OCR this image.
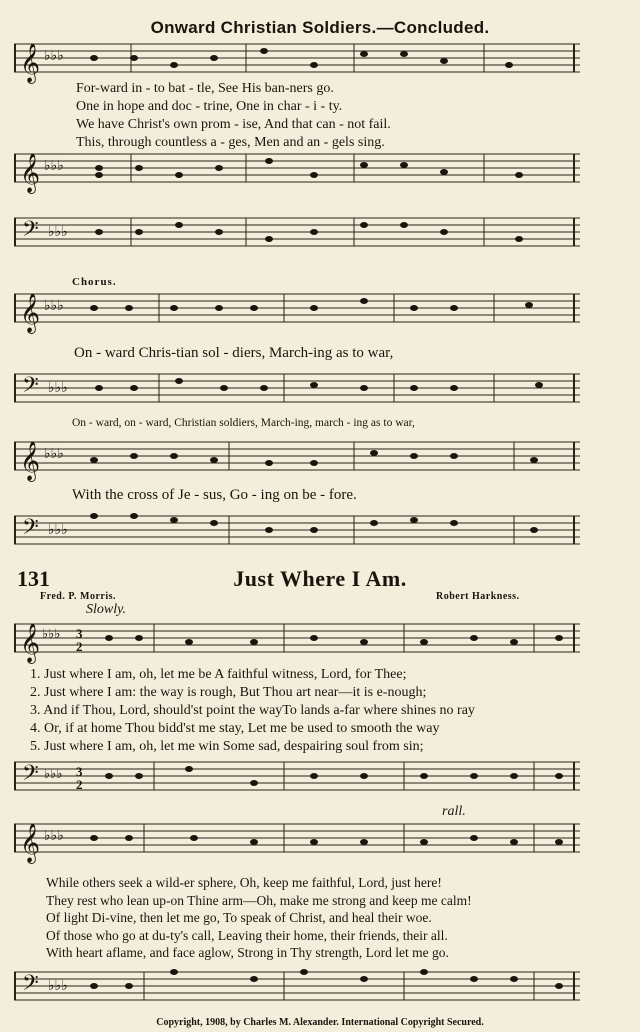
Onward Christian Soldiers.—Concluded.
𝄞 ♭♭♭
For-ward in - to bat - tle, See His ban-ners go.
One in hope and doc - trine, One in char - i - ty.
We have Christ's own prom - ise, And that can - not fail.
This, through countless a - ges, Men and an - gels sing.
𝄞 ♭♭♭
𝄢 ♭♭♭
Chorus.
𝄞 ♭♭♭
On - ward Chris-tian sol - diers, March-ing as to war,
𝄢 ♭♭♭
On - ward, on - ward, Christian soldiers, March-ing, march - ing as to war,
𝄞 ♭♭♭
With the cross of Je - sus, Go - ing on be - fore.
𝄢 ♭♭♭
131	Just Where I Am.
Fred. P. Morris.	Robert Harkness.
Slowly.
𝄞 ♭♭♭ 3
2
1. Just where I am, oh, let me be A faithful witness, Lord, for Thee;
2. Just where I am: the way is rough, But Thou art near—it is e-nough;
3. And if Thou, Lord, should'st point the wayTo lands a-far where shines no ray
4. Or, if at home Thou bidd'st me stay, Let me be used to smooth the way
5. Just where I am, oh, let me win Some sad, despairing soul from sin;
𝄢 ♭♭♭ 3
2
rall.
𝄞 ♭♭♭
While others seek a wild-er sphere, Oh, keep me faithful, Lord, just here!
They rest who lean up-on Thine arm—Oh, make me strong and keep me calm!
Of light Di-vine, then let me go, To speak of Christ, and heal their woe.
Of those who go at du-ty's call, Leaving their home, their friends, their all.
With heart aflame, and face aglow, Strong in Thy strength, Lord let me go.
𝄢 ♭♭♭
Copyright, 1908, by Charles M. Alexander. International Copyright Secured.
